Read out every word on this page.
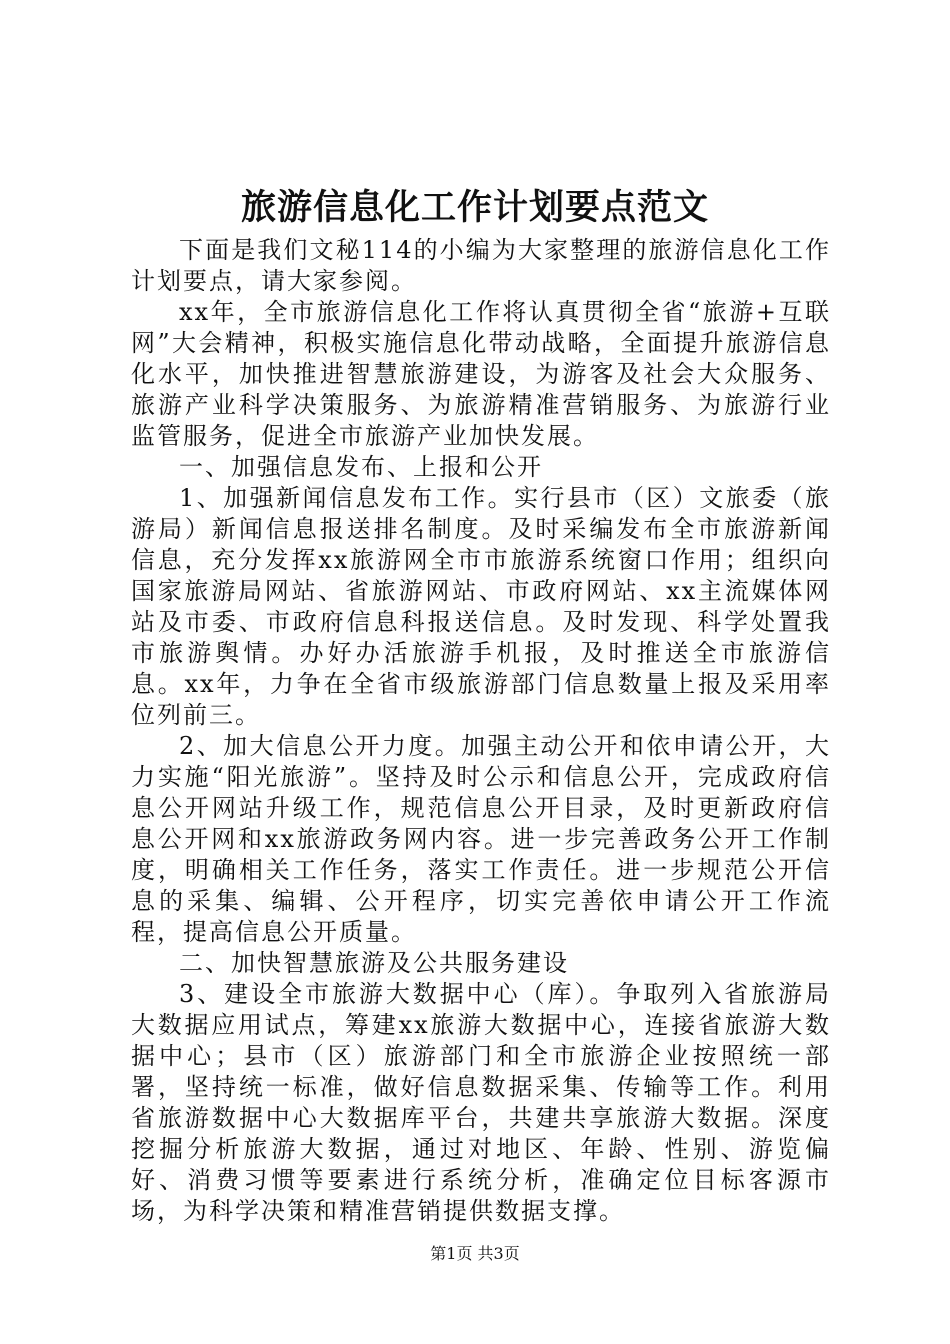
旅游信息化工作计划要点范文

下面是我们文秘114的小编为大家整理的旅游信息化工作计划要点，请大家参阅。

xx年，全市旅游信息化工作将认真贯彻全省“旅游+互联网”大会精神，积极实施信息化带动战略，全面提升旅游信息化水平，加快推进智慧旅游建设，为游客及社会大众服务、旅游产业科学决策服务、为旅游精准营销服务、为旅游行业监管服务，促进全市旅游产业加快发展。

一、加强信息发布、上报和公开

1、加强新闻信息发布工作。实行县市（区）文旅委（旅游局）新闻信息报送排名制度。及时采编发布全市旅游新闻信息，充分发挥xx旅游网全市市旅游系统窗口作用；组织向国家旅游局网站、省旅游网站、市政府网站、xx主流媒体网站及市委、市政府信息科报送信息。及时发现、科学处置我市旅游舆情。办好办活旅游手机报，及时推送全市旅游信息。xx年，力争在全省市级旅游部门信息数量上报及采用率位列前三。

2、加大信息公开力度。加强主动公开和依申请公开，大力实施“阳光旅游”。坚持及时公示和信息公开，完成政府信息公开网站升级工作，规范信息公开目录，及时更新政府信息公开网和xx旅游政务网内容。进一步完善政务公开工作制度，明确相关工作任务，落实工作责任。进一步规范公开信息的采集、编辑、公开程序，切实完善依申请公开工作流程，提高信息公开质量。

二、加快智慧旅游及公共服务建设

3、建设全市旅游大数据中心（库）。争取列入省旅游局大数据应用试点，筹建xx旅游大数据中心，连接省旅游大数据中心；县市（区）旅游部门和全市旅游企业按照统一部署，坚持统一标准，做好信息数据采集、传输等工作。利用省旅游数据中心大数据库平台，共建共享旅游大数据。深度挖掘分析旅游大数据，通过对地区、年龄、性别、游览偏好、消费习惯等要素进行系统分析，准确定位目标客源市场，为科学决策和精准营销提供数据支撑。

第1页 共3页
